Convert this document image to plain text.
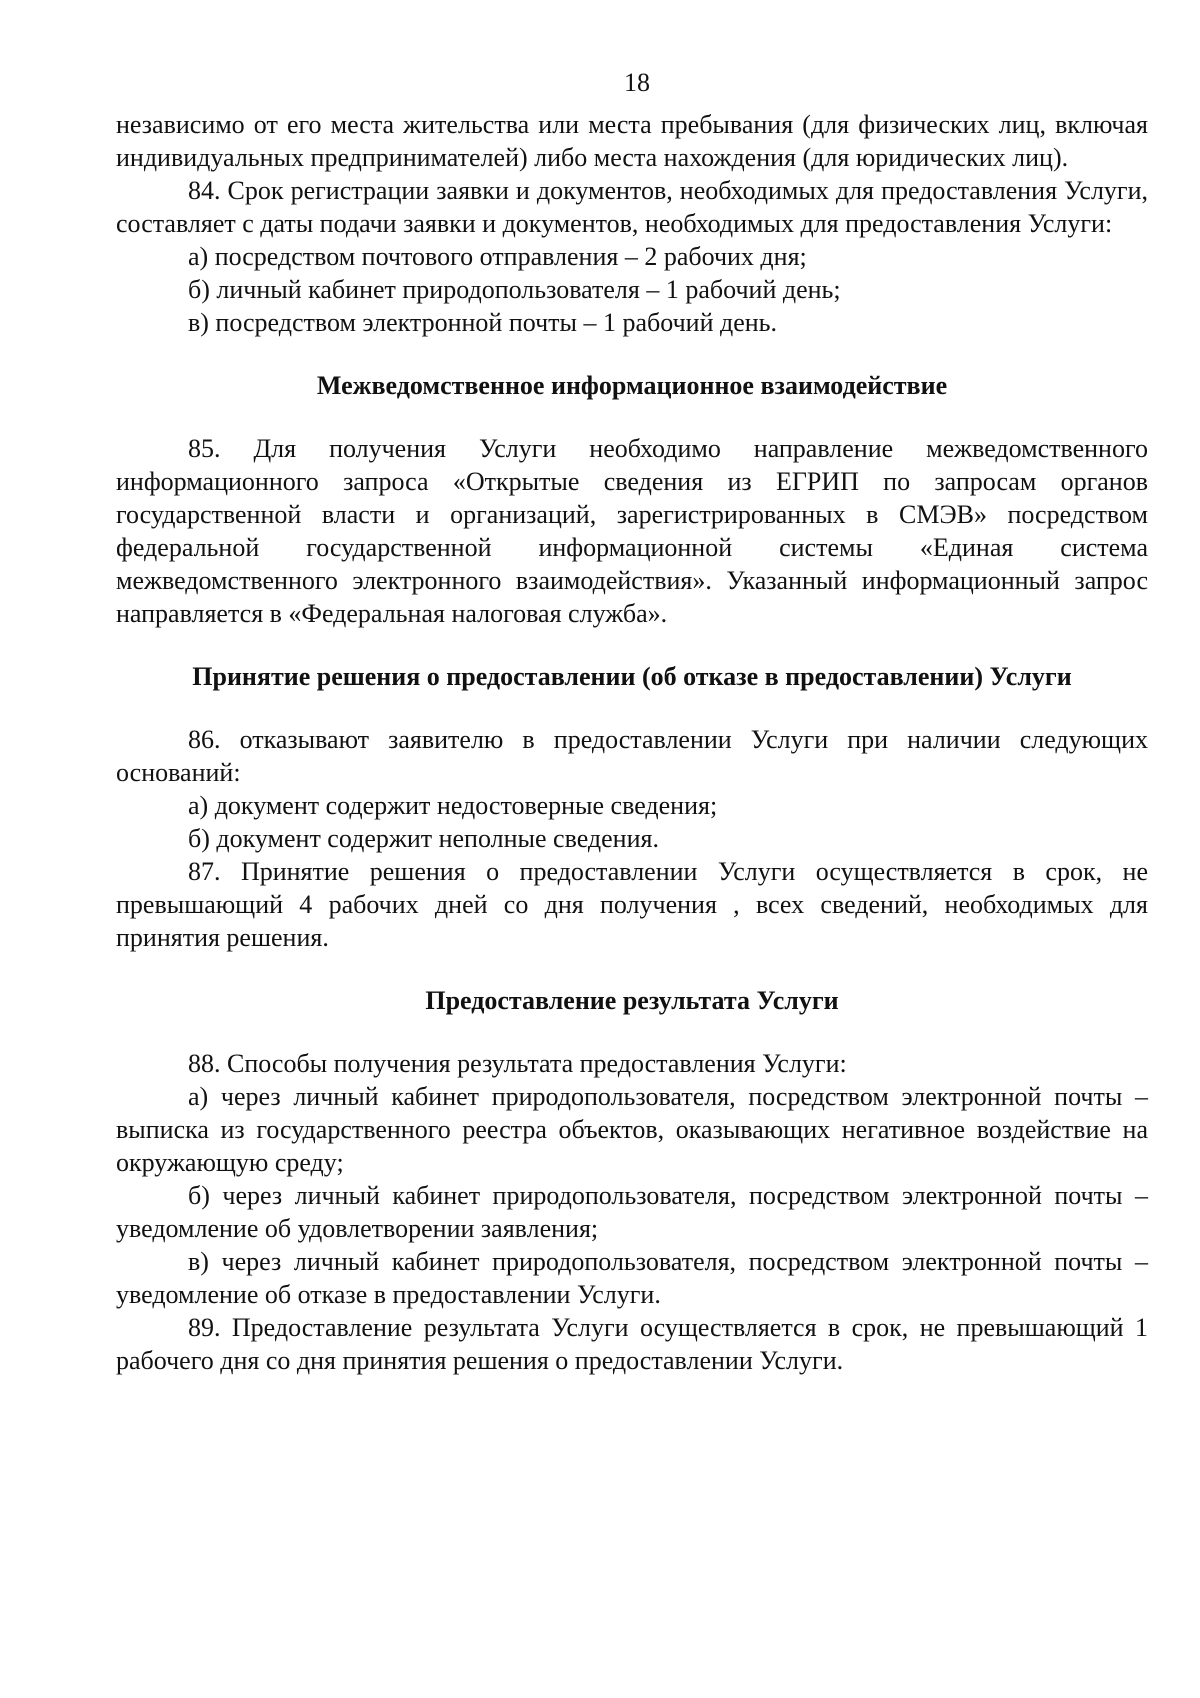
18

независимо от его места жительства или места пребывания (для физических лиц, включая индивидуальных предпринимателей) либо места нахождения (для юридических лиц).

84. Срок регистрации заявки и документов, необходимых для предоставления Услуги, составляет с даты подачи заявки и документов, необходимых для предоставления Услуги:

а) посредством почтового отправления – 2 рабочих дня;

б) личный кабинет природопользователя – 1 рабочий день;

в) посредством электронной почты – 1 рабочий день.

Межведомственное информационное взаимодействие

85. Для получения Услуги необходимо направление межведомственного информационного запроса «Открытые сведения из ЕГРИП по запросам органов государственной власти и организаций, зарегистрированных в СМЭВ» посредством федеральной государственной информационной системы «Единая система межведомственного электронного взаимодействия». Указанный информационный запрос направляется в «Федеральная налоговая служба».

Принятие решения о предоставлении (об отказе в предоставлении) Услуги

86. отказывают заявителю в предоставлении Услуги при наличии следующих оснований:

а) документ содержит недостоверные сведения;

б) документ содержит неполные сведения.

87. Принятие решения о предоставлении Услуги осуществляется в срок, не превышающий 4 рабочих дней со дня получения , всех сведений, необходимых для принятия решения.

Предоставление результата Услуги

88. Способы получения результата предоставления Услуги:

а) через личный кабинет природопользователя, посредством электронной почты – выписка из государственного реестра объектов, оказывающих негативное воздействие на окружающую среду;

б) через личный кабинет природопользователя, посредством электронной почты – уведомление об удовлетворении заявления;

в) через личный кабинет природопользователя, посредством электронной почты – уведомление об отказе в предоставлении Услуги.

89. Предоставление результата Услуги осуществляется в срок, не превышающий 1 рабочего дня со дня принятия решения о предоставлении Услуги.
